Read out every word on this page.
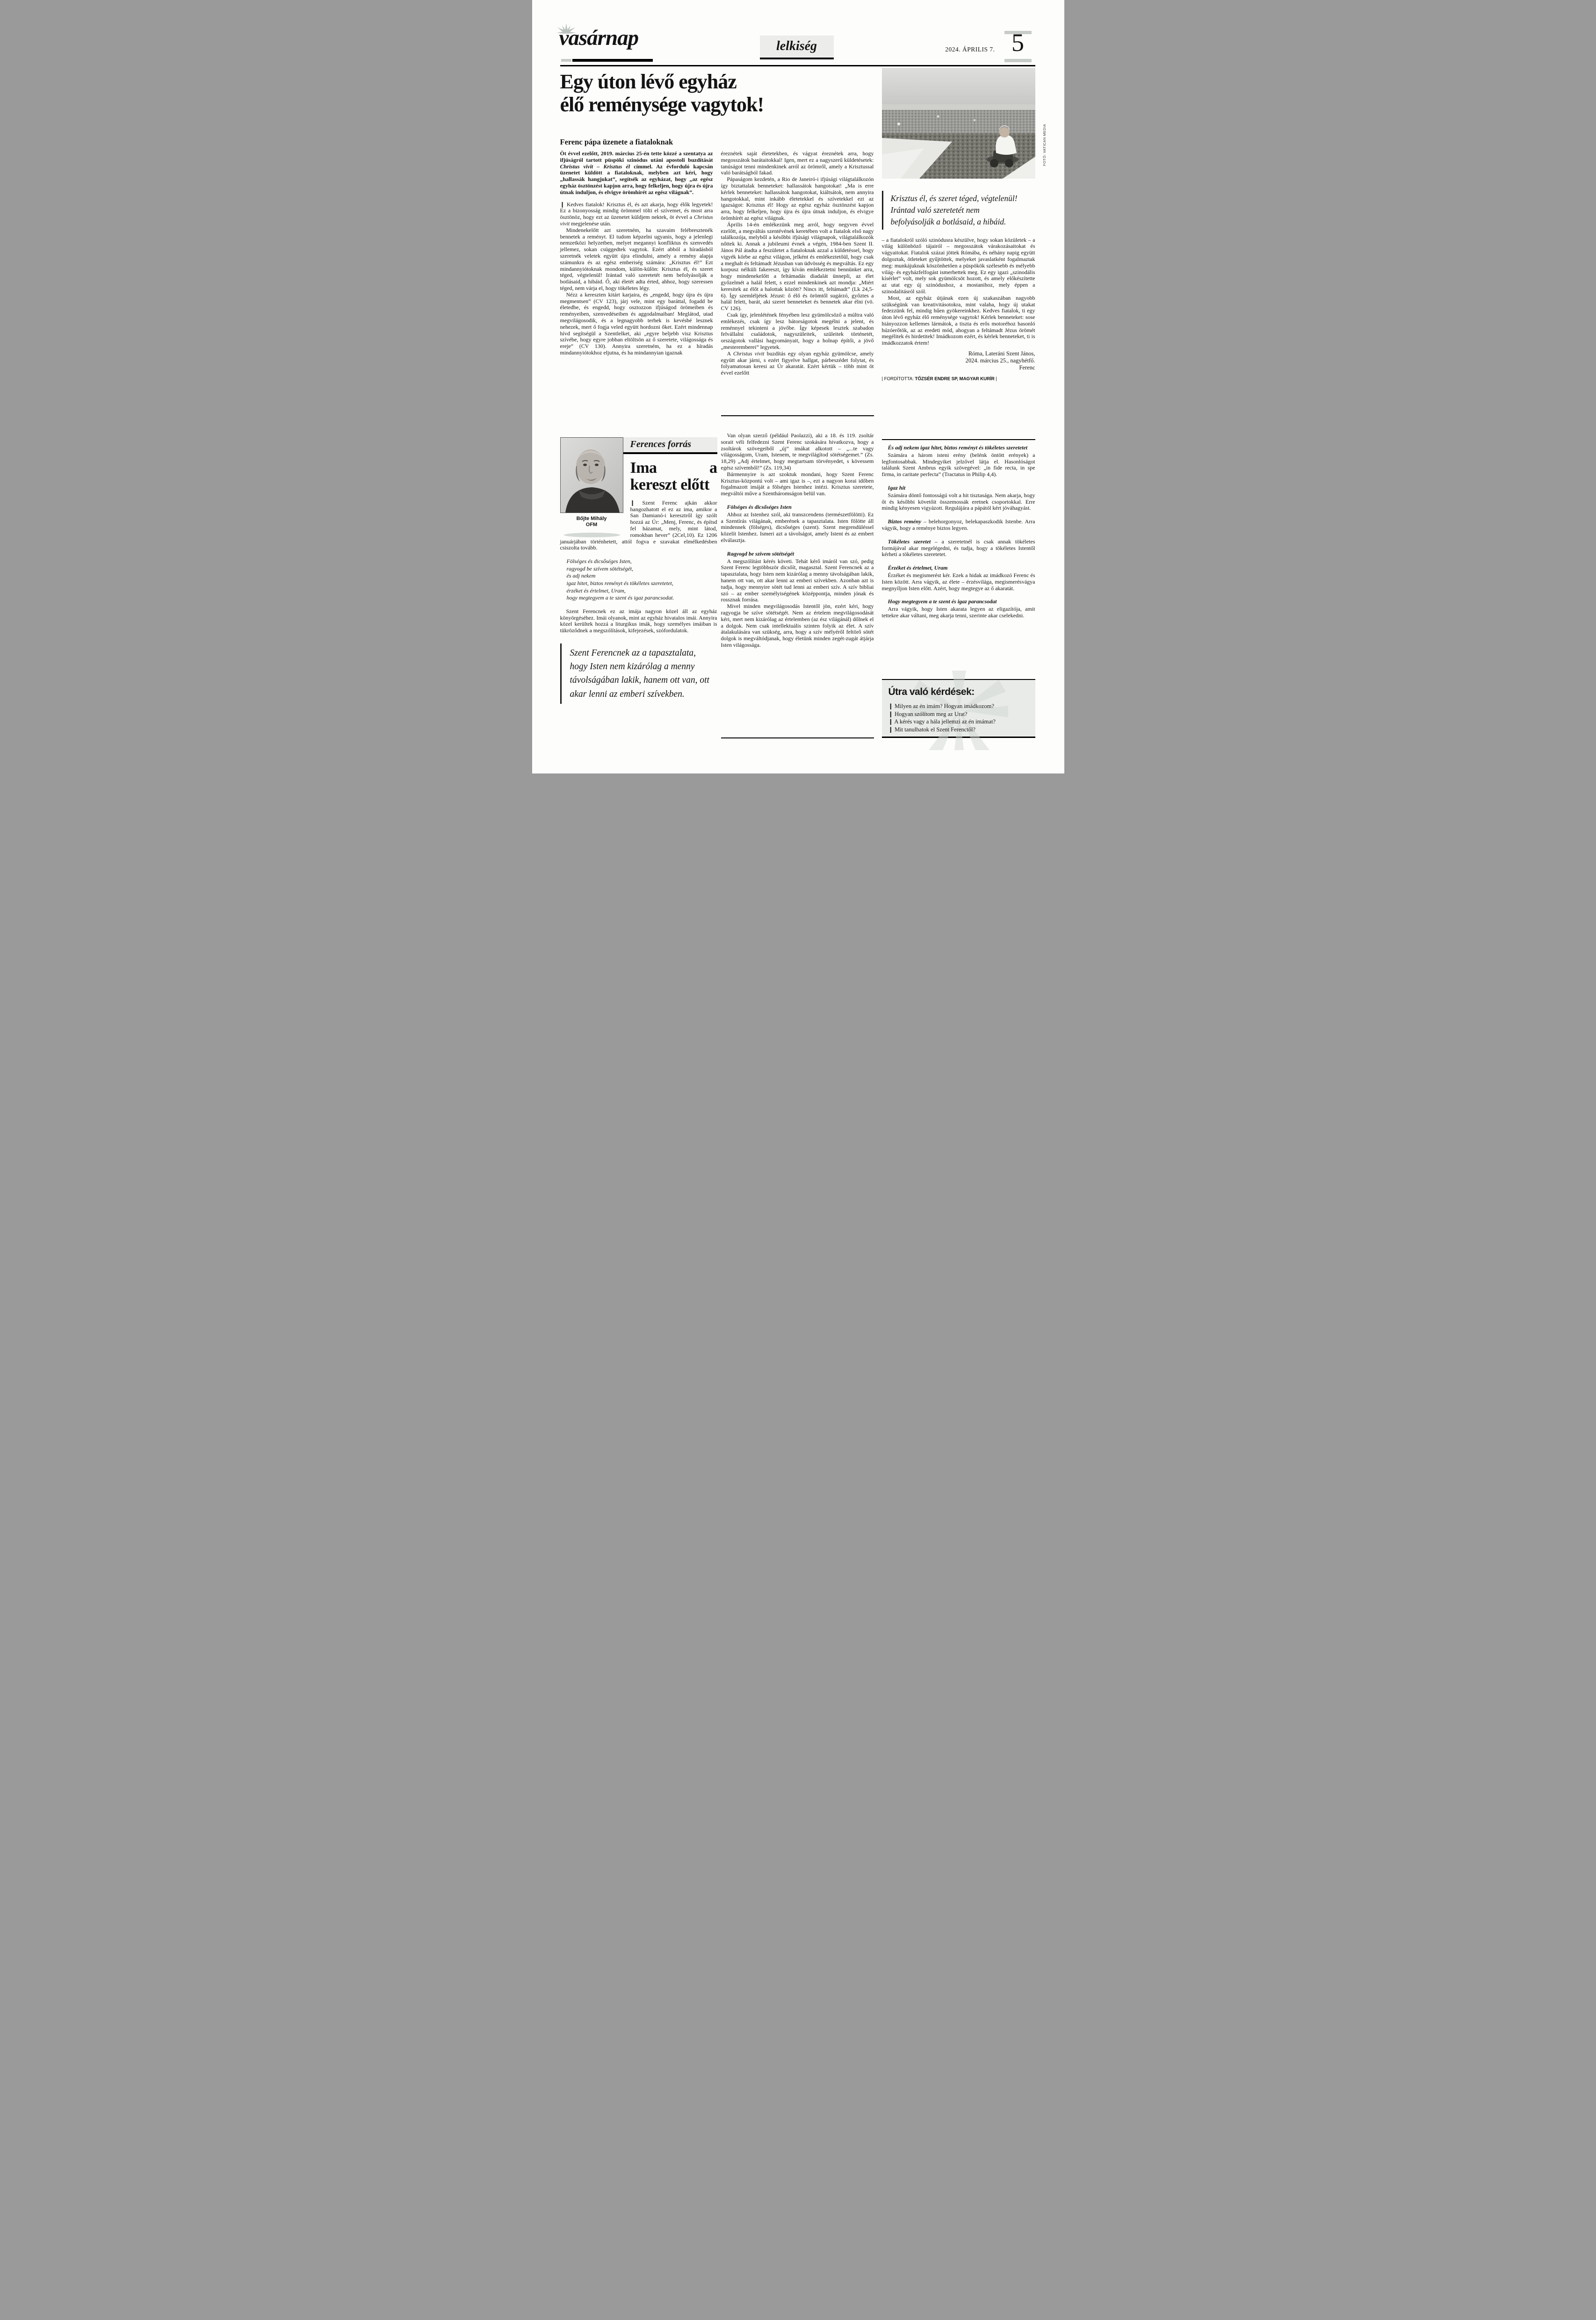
vasárnap	lelkiség	2024. ÁPRILIS 7. 5
Egy úton lévő egyház
élő reménysége vagytok!
Ferenc pápa üzenete a fiataloknak

Öt évvel ezelőtt, 2019. március 25-én tette közzé a szentatya az ifjúságról tartott püspöki szinódus utáni apostoli buzdítását Christus vivit – Krisztus él címmel. Az évforduló kapcsán üzenetet küldött a fiataloknak, melyben azt kéri, hogy „hallassák hangjukat”, segítsék az egyházat, hogy „az egész egyház ösztönzést kapjon arra, hogy felkeljen, hogy újra és újra útnak induljon, és elvigye örömhírét az egész világnak”.

❙ Kedves fiatalok! Krisztus él, és azt akarja, hogy élők legyetek! Ez a bizonyosság mindig örömmel tölti el szívemet, és most arra ösztönöz, hogy ezt az üzenetet küldjem nektek, öt évvel a Christus vivit megjelenése után.

Mindenekelőtt azt szeretném, ha szavaim felébresztenék bennetek a reményt. El tudom képzelni ugyanis, hogy a jelenlegi nemzetközi helyzetben, melyet megannyi konfliktus és szenvedés jellemez, sokan csüggedtek vagytok. Ezért abból a híradásból szeretnék veletek együtt újra elindulni, amely a remény alapja számunkra és az egész emberiség számára: „Krisztus él!” Ezt mindannyiótoknak mondom, külön-külön: Krisztus él, és szeret téged, végtelenül! Irántad való szeretetét nem befolyásolják a botlásaid, a hibáid. Ő, aki életét adta érted, ahhoz, hogy szeressen téged, nem várja el, hogy tökéletes légy.

Nézz a kereszten kitárt karjaira, és „engedd, hogy újra és újra megmentsen” (CV 123), járj vele, mint egy baráttal, fogadd be életedbe, és engedd, hogy osztozzon ifjúságod örömeiben és reményeiben, szenvedéseiben és aggodalmaiban! Meglátod, utad megvilágosodik, és a legnagyobb terhek is kevésbé lesznek nehezek, mert ő fogja veled együtt hordozni őket. Ezért mindennap hívd segítségül a Szentlelket, aki „egyre beljebb visz Krisztus szívébe, hogy egyre jobban eltöltsön az ő szeretete, világossága és ereje” (CV 130). Annyira szeretném, ha ez a híradás mindannyiótokhoz eljutna, és ha mindannyian igaznak

éreznétek saját életetekben, és vágyat éreznétek arra, hogy megosszátok barátaitokkal! Igen, mert ez a nagyszerű küldetésetek: tanúságot tenni mindenkinek arról az örömről, amely a Krisztussal való barátságból fakad.

Pápaságom kezdetén, a Rio de Janeiró-i ifjúsági világtalálkozón így biztattalak benneteket: hallassátok hangotokat! „Ma is erre kérlek benneteket: hallassátok hangotokat, kiáltsátok, nem annyira hangotokkal, mint inkább életetekkel és szívetekkel ezt az igazságot: Krisztus él! Hogy az egész egyház ösztönzést kapjon arra, hogy felkeljen, hogy újra és újra útnak induljon, és elvigye örömhírét az egész világnak.

Április 14-én emlékezünk meg arról, hogy negyven évvel ezelőtt, a megváltás szentévének keretében volt a fiatalok első nagy találkozója, melyből a későbbi ifjúsági világnapok, világtalálkozók nőttek ki. Annak a jubileumi évnek a végén, 1984-ben Szent II. János Pál átadta a feszületet a fiataloknak azzal a küldetéssel, hogy vigyék körbe az egész világon, jelként és emlékeztetőül, hogy csak a meghalt és feltámadt Jézusban van üdvösség és megváltás. Ez egy korpusz nélküli fakereszt, így kíván emlékeztetni bennünket arra, hogy mindenekelőtt a feltámadás diadalát ünnepli, az élet győzelmét a halál felett, s ezzel mindenkinek azt mondja: „Miért keresitek az élőt a halottak között? Nincs itt, feltámadt” (Lk 24,5-6). Így szemléljétek Jézust: ő élő és örömtől sugárzó, győztes a halál felett, barát, aki szeret benneteket és bennetek akar élni (vö. CV 126).

Csak így, jelenlétének fényében lesz gyümölcsöző a múltra való emlékezés, csak így lesz bátorságotok megélni a jelent, és reménnyel tekinteni a jövőbe. Így képesek lesztek szabadon felvállalni családotok, nagyszüleitek, szüleitek történetét, országotok vallási hagyományait, hogy a holnap építői, a jövő „mesteremberei” legyetek.

A Christus vivit buzdítás egy olyan egyház gyümölcse, amely együtt akar járni, s ezért figyelve hallgat, párbeszédet folytat, és folyamatosan keresi az Úr akaratát. Ezért kértük – több mint öt évvel ezelőtt

FOTÓ: VATICAN MEDIA
Krisztus él, és szeret téged, végtelenül! Irántad való szeretetét nem befolyásolják a botlásaid, a hibáid.

– a fiatalokról szóló szinódusra készülve, hogy sokan közületek – a világ különböző tájairól – megosszátok várakozásaitokat és vágyaitokat. Fiatalok százai jöttek Rómába, és néhány napig együtt dolgoztak, ötleteket gyűjtöttek, melyeket javaslatként fogalmaztak meg: munkájuknak köszönhetően a püspökök szélesebb és mélyebb világ- és egyházfelfogást ismerhettek meg. Ez egy igazi „szinodális kísérlet” volt, mely sok gyümölcsöt hozott, és amely előkészítette az utat egy új szinódushoz, a mostanihoz, mely éppen a szinodalitásról szól.

Most, az egyház útjának ezen új szakaszában nagyobb szükségünk van kreativitásotokra, mint valaha, hogy új utakat fedezzünk fel, mindig hűen gyökereinkhez. Kedves fiatalok, ti egy úton lévő egyház élő reménysége vagytok! Kérlek benneteket: sose hiányozzon kellemes lármátok, a tiszta és erős motoréhoz hasonló húzóerőtök, az az eredeti mód, ahogyan a feltámadt Jézus örömét megélitek és hirdetitek! Imádkozom ezért, és kérlek benneteket, ti is imádkozzatok értem!

Róma, Lateráni Szent János,
2024. március 25., nagyhétfő.
Ferenc
| FORDÍTOTTA: TŐZSÉR ENDRE SP, MAGYAR KURÍR |
Bőjte Mihály
OFM
Ferences forrás
Ima a kereszt előtt

❙ Szent Ferenc ajkán akkor hangozhatott el ez az ima, amikor a San Damianó-i keresztről így szólt hozzá az Úr: „Menj, Ferenc, és építsd fel házamat, mely, mint látod, romokban hever” (2Cel,10). Ez 1206 januárjában történhetett, attól fogva e szavakat elmélkedésben csiszolta tovább.

Fölséges és dicsőséges Isten,
ragyogd be szívem sötétségét,
és adj nekem
igaz hitet, biztos reményt és tökéletes szeretetet,
érzéket és értelmet, Uram,
hogy megtegyem a te szent és igaz parancsodat.

Szent Ferencnek ez az imája nagyon közel áll az egyház könyörgéséhez. Imái olyanok, mint az egyház hivatalos imái. Annyira közel kerültek hozzá a liturgikus imák, hogy személyes imáiban is tükröződnek a megszólítások, kifejezések, szófordulatok.

Szent Ferencnek az a tapasztalata, hogy Isten nem kizárólag a menny távolságában lakik, hanem ott van, ott akar lenni az emberi szívekben.

Van olyan szerző (például Paolazzi), aki a 18. és 119. zsoltár sorait véli felfedezni Szent Ferenc szokására hivatkozva, hogy a zsoltárok szövegeiből „új” imákat alkotott – „...te vagy világosságom, Uram, Istenem, te megvilágítod sötétségemet.” (Zs. 18,29) „Adj értelmet, hogy megtartsam törvényedet, s kövessem egész szívemből!” (Zs. 119,34)

Bármennyire is azt szoktuk mondani, hogy Szent Ferenc Krisztus-központú volt – ami igaz is –, ezt a nagyon korai időben fogalmazott imáját a fölséges Istenhez intézi. Krisztus szeretete, megváltói műve a Szentháromságon belül van.

Fölséges és dicsőséges Isten

Ahhoz az Istenhez szól, aki transzcendens (természetfölötti). Ez a Szentírás világának, emberének a tapasztalata. Isten fölötte áll mindennek (fölséges), dicsőséges (szent). Szent megrendüléssel közelít Istenhez. Ismeri azt a távolságot, amely Istent és az embert elválasztja.

Ragyogd be szívem sötétségét

A megszólítást kérés követi. Tehát kérő imáról van szó, pedig Szent Ferenc legtöbbször dicsőít, magasztal. Szent Ferencnek az a tapasztalata, hogy Isten nem kizárólag a menny távolságában lakik, hanem ott van, ott akar lenni az emberi szívekben. Azonban azt is tudja, hogy mennyire sötét tud lenni az emberi szív. A szív bibliai szó – az ember személyiségének középpontja, minden jónak és rossznak forrása.

Mivel minden megvilágosodás Istentől jön, ezért kéri, hogy ragyogja be szíve sötétségét. Nem az értelem megvilágosodását kéri, mert nem kizárólag az értelemben (az ész világánál) dőlnek el a dolgok. Nem csak intellektuális szinten folyik az élet. A szív átalakulására van szükség, arra, hogy a szív mélyéről feltörő sötét dolgok is megváltódjanak, hogy életünk minden zegét-zugát átjárja Isten világossága.

És adj nekem igaz hitet, biztos reményt és tökéletes szeretetet

Számára a három isteni erény (belénk öntött erények) a legfontosabbak. Mindegyiket jelzővel látja el. Hasonlóságot találunk Szent Ambrus egyik szövegével: „in fide recta, in spe firma, in caritate perfecta” (Tractatus in Philip 4,4).

Igaz hit

Számára döntő fontosságú volt a hit tisztasága. Nem akarja, hogy őt és későbbi követőit összemossák eretnek csoportokkal. Erre mindig kényesen vigyázott. Regulájára a pápától kért jóváhagyást.

Biztos remény – belehorgonyoz, belekapaszkodik Istenbe. Arra vágyik, hogy a reménye biztos legyen.

Tökéletes szeretet – a szeretetnél is csak annak tökéletes formájával akar megelégedni, és tudja, hogy a tökéletes Istentől kérheti a tökéletes szeretetet.

Érzéket és értelmet, Uram

Érzéket és megismerést kér. Ezek a hidak az imádkozó Ferenc és Isten között. Arra vágyik, az élete – érzésvilága, megismerésvágya megnyíljon Isten előtt. Azért, hogy megtegye az ő akaratát.

Hogy megtegyem a te szent és igaz parancsodat

Arra vágyik, hogy Isten akarata legyen az eligazítója, amit tettekre akar váltani, meg akarja tenni, szerinte akar cselekedni.

Útra való kérdések:
❙ Milyen az én imám? Hogyan imádkozom?
❙ Hogyan szólítom meg az Urat?
❙ A kérés vagy a hála jellemzi az én imámat?
❙ Mit tanulhatok el Szent Ferenctől?
